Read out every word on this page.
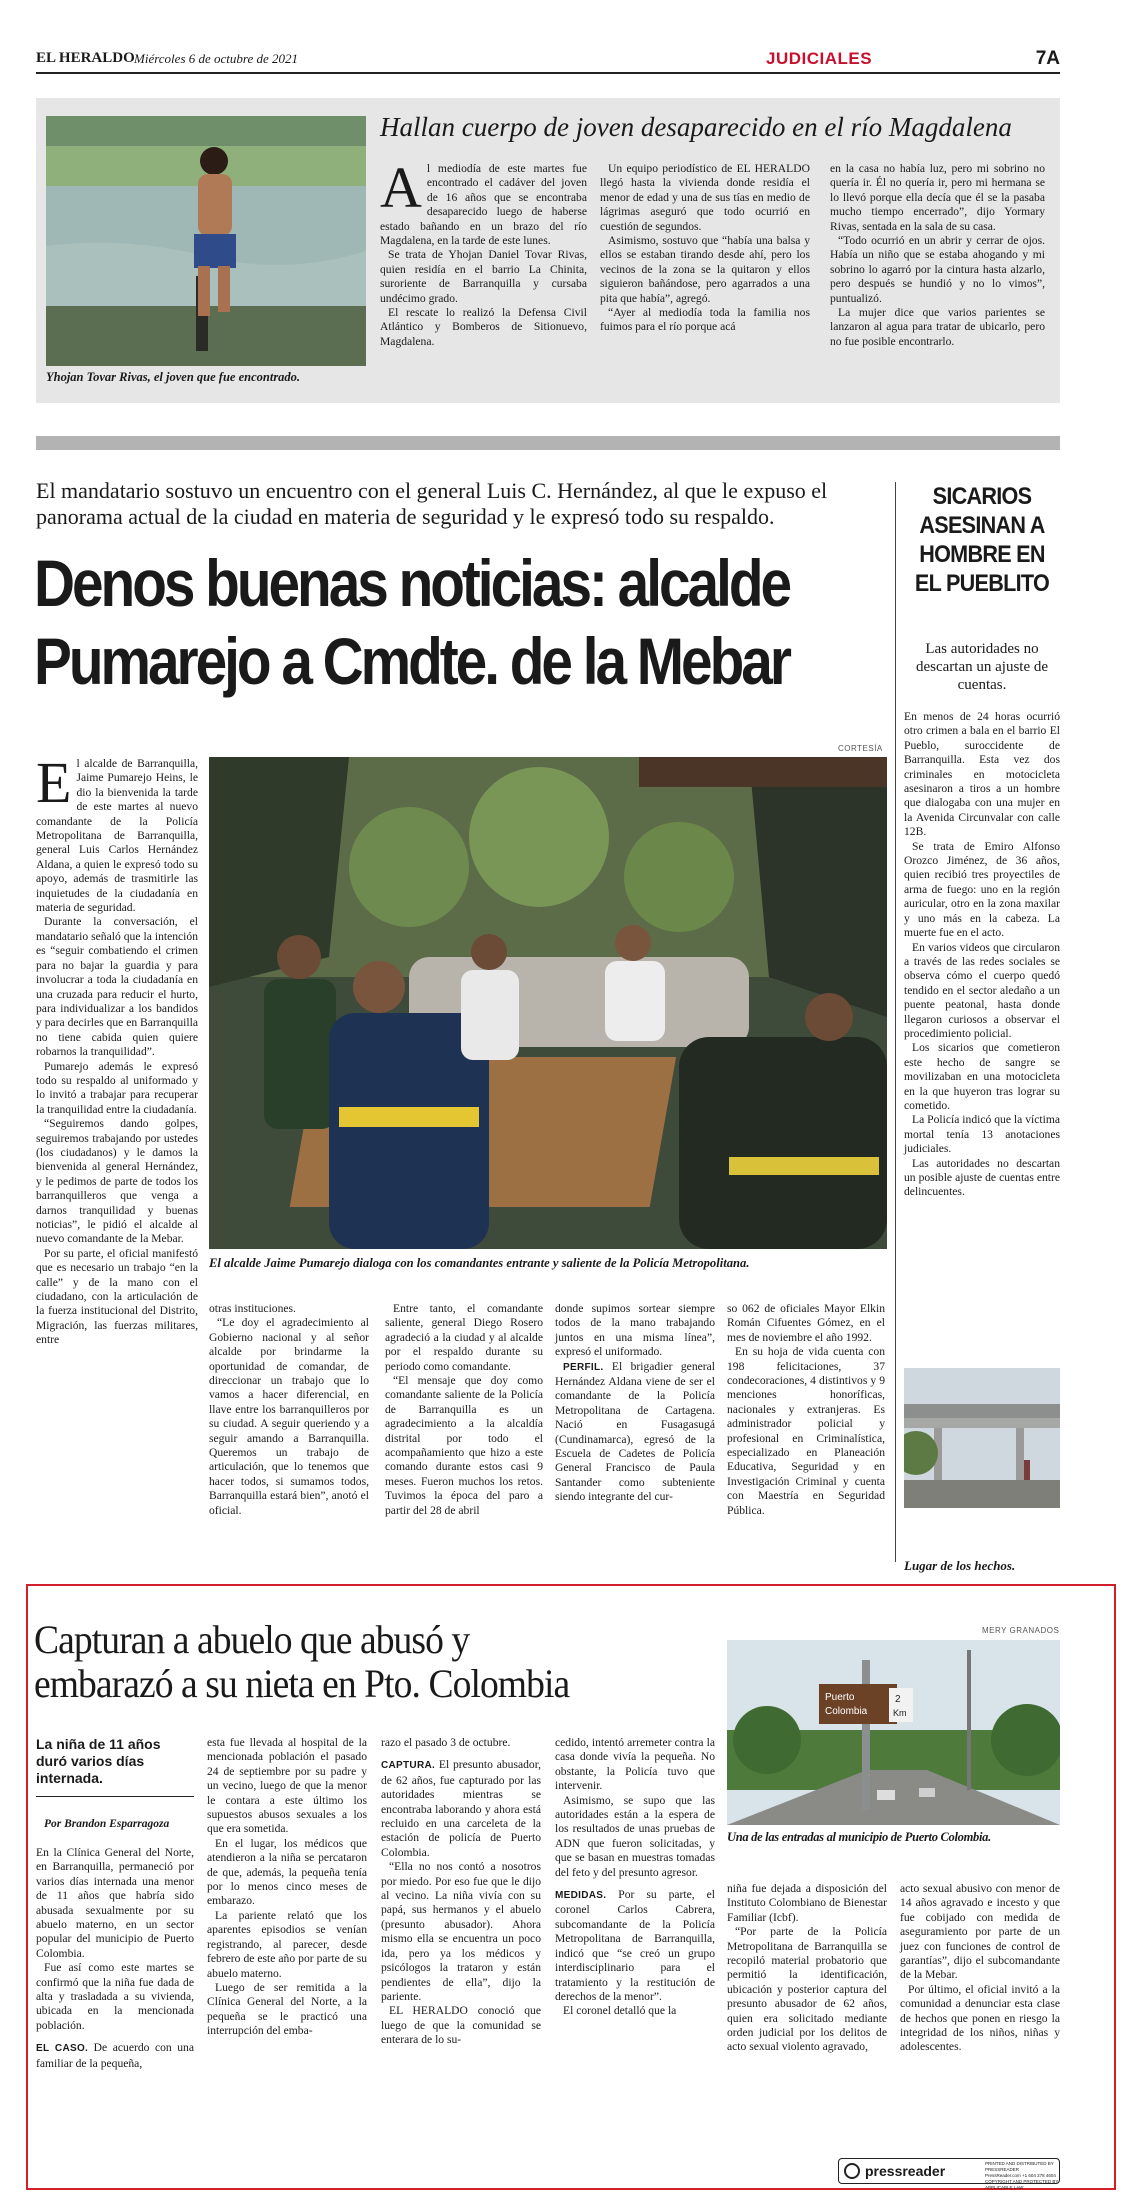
EL HERALDO Miércoles 6 de octubre de 2021	JUDICIALES	7A
Yhojan Tovar Rivas, el joven que fue encontrado.
Hallan cuerpo de joven desaparecido en el río Magdalena
A l mediodía de este martes fue encontrado el cadáver del joven de 16 años que se encontraba desaparecido luego de haberse estado bañando en un brazo del río Magdalena, en la tarde de este lunes.

Se trata de Yhojan Daniel Tovar Rivas, quien residía en el barrio La Chinita, suroriente de Barranquilla y cursaba undécimo grado.

El rescate lo realizó la Defensa Civil Atlántico y Bomberos de Sitionuevo, Magdalena.

Un equipo periodístico de EL HERALDO llegó hasta la vivienda donde residía el menor de edad y una de sus tías en medio de lágrimas aseguró que todo ocurrió en cuestión de segundos.

Asimismo, sostuvo que “había una balsa y ellos se estaban tirando desde ahí, pero los vecinos de la zona se la quitaron y ellos siguieron bañándose, pero agarrados a una pita que había”, agregó.

“Ayer al mediodía toda la familia nos fuimos para el río porque acá

en la casa no había luz, pero mi sobrino no quería ir. Él no quería ir, pero mi hermana se lo llevó porque ella decía que él se la pasaba mucho tiempo encerrado”, dijo Yormary Rivas, sentada en la sala de su casa.

“Todo ocurrió en un abrir y cerrar de ojos. Había un niño que se estaba ahogando y mi sobrino lo agarró por la cintura hasta alzarlo, pero después se hundió y no lo vimos”, puntualizó.

La mujer dice que varios parientes se lanzaron al agua para tratar de ubicarlo, pero no fue posible encontrarlo.

El mandatario sostuvo un encuentro con el general Luis C. Hernández, al que le expuso el panorama actual de la ciudad en materia de seguridad y le expresó todo su respaldo.
Denos buenas noticias: alcalde
Pumarejo a Cmdte. de la Mebar
CORTESÍA
El alcalde Jaime Pumarejo dialoga con los comandantes entrante y saliente de la Policía Metropolitana.
E l alcalde de Barranquilla, Jaime Pumarejo Heins, le dio la bienvenida la tarde de este martes al nuevo comandante de la Policía Metropolitana de Barranquilla, general Luis Carlos Hernández Aldana, a quien le expresó todo su apoyo, además de trasmitirle las inquietudes de la ciudadanía en materia de seguridad.

Durante la conversación, el mandatario señaló que la intención es “seguir combatiendo el crimen para no bajar la guardia y para involucrar a toda la ciudadanía en una cruzada para reducir el hurto, para individualizar a los bandidos y para decirles que en Barranquilla no tiene cabida quien quiere robarnos la tranquilidad”.

Pumarejo además le expresó todo su respaldo al uniformado y lo invitó a trabajar para recuperar la tranquilidad entre la ciudadanía.

“Seguiremos dando golpes, seguiremos trabajando por ustedes (los ciudadanos) y le damos la bienvenida al general Hernández, y le pedimos de parte de todos los barranquilleros que venga a darnos tranquilidad y buenas noticias”, le pidió el alcalde al nuevo comandante de la Mebar.

Por su parte, el oficial manifestó que es necesario un trabajo “en la calle” y de la mano con el ciudadano, con la articulación de la fuerza institucional del Distrito, Migración, las fuerzas militares, entre

otras instituciones.

“Le doy el agradecimiento al Gobierno nacional y al señor alcalde por brindarme la oportunidad de comandar, de direccionar un trabajo que lo vamos a hacer diferencial, en llave entre los barranquilleros por su ciudad. A seguir queriendo y a seguir amando a Barranquilla. Queremos un trabajo de articulación, que lo tenemos que hacer todos, si sumamos todos, Barranquilla estará bien”, anotó el oficial.

Entre tanto, el comandante saliente, general Diego Rosero agradeció a la ciudad y al alcalde por el respaldo durante su periodo como comandante.

“El mensaje que doy como comandante saliente de la Policía de Barranquilla es un agradecimiento a la alcaldía distrital por todo el acompañamiento que hizo a este comando durante estos casi 9 meses. Fueron muchos los retos. Tuvimos la época del paro a partir del 28 de abril

donde supimos sortear siempre todos de la mano trabajando juntos en una misma línea”, expresó el uniformado.

PERFIL. El brigadier general Hernández Aldana viene de ser el comandante de la Policía Metropolitana de Cartagena. Nació en Fusagasugá (Cundinamarca), egresó de la Escuela de Cadetes de Policía General Francisco de Paula Santander como subteniente siendo integrante del cur-

so 062 de oficiales Mayor Elkin Román Cifuentes Gómez, en el mes de noviembre el año 1992.

En su hoja de vida cuenta con 198 felicitaciones, 37 condecoraciones, 4 distintivos y 9 menciones honoríficas, nacionales y extranjeras. Es administrador policial y profesional en Criminalística, especializado en Planeación Educativa, Seguridad y en Investigación Criminal y cuenta con Maestría en Seguridad Pública.

SICARIOS ASESINAN A HOMBRE EN EL PUEBLITO
Las autoridades no descartan un ajuste de cuentas.

En menos de 24 horas ocurrió otro crimen a bala en el barrio El Pueblo, suroccidente de Barranquilla. Esta vez dos criminales en motocicleta asesinaron a tiros a un hombre que dialogaba con una mujer en la Avenida Circunvalar con calle 12B.

Se trata de Emiro Alfonso Orozco Jiménez, de 36 años, quien recibió tres proyectiles de arma de fuego: uno en la región auricular, otro en la zona maxilar y uno más en la cabeza. La muerte fue en el acto.

En varios videos que circularon a través de las redes sociales se observa cómo el cuerpo quedó tendido en el sector aledaño a un puente peatonal, hasta donde llegaron curiosos a observar el procedimiento policial.

Los sicarios que cometieron este hecho de sangre se movilizaban en una motocicleta en la que huyeron tras lograr su cometido.

La Policía indicó que la víctima mortal tenía 13 anotaciones judiciales.

Las autoridades no descartan un posible ajuste de cuentas entre delincuentes.

Lugar de los hechos.
MERY GRANADOS
Capturan a abuelo que abusó y
embarazó a su nieta en Pto. Colombia	Puerto
Colombia
2
Km
Una de las entradas al municipio de Puerto Colombia.
La niña de 11 años duró varios días internada.
Por Brandon Esparragoza

En la Clínica General del Norte, en Barranquilla, permaneció por varios días internada una menor de 11 años que habría sido abusada sexualmente por su abuelo materno, en un sector popular del municipio de Puerto Colombia.

Fue así como este martes se confirmó que la niña fue dada de alta y trasladada a su vivienda, ubicada en la mencionada población.

EL CASO. De acuerdo con una familiar de la pequeña,

esta fue llevada al hospital de la mencionada población el pasado 24 de septiembre por su padre y un vecino, luego de que la menor le contara a este último los supuestos abusos sexuales a los que era sometida.

En el lugar, los médicos que atendieron a la niña se percataron de que, además, la pequeña tenía por lo menos cinco meses de embarazo.

La pariente relató que los aparentes episodios se venían registrando, al parecer, desde febrero de este año por parte de su abuelo materno.

Luego de ser remitida a la Clínica General del Norte, a la pequeña se le practicó una interrupción del emba-

razo el pasado 3 de octubre.

CAPTURA. El presunto abusador, de 62 años, fue capturado por las autoridades mientras se encontraba laborando y ahora está recluido en una carceleta de la estación de policía de Puerto Colombia.

“Ella no nos contó a nosotros por miedo. Por eso fue que le dijo al vecino. La niña vivía con su papá, sus hermanos y el abuelo (presunto abusador). Ahora mismo ella se encuentra un poco ida, pero ya los médicos y psicólogos la trataron y están pendientes de ella”, dijo la pariente.

EL HERALDO conoció que luego de que la comunidad se enterara de lo su-

cedido, intentó arremeter contra la casa donde vivía la pequeña. No obstante, la Policía tuvo que intervenir.

Asimismo, se supo que las autoridades están a la espera de los resultados de unas pruebas de ADN que fueron solicitadas, y que se basan en muestras tomadas del feto y del presunto agresor.

MEDIDAS. Por su parte, el coronel Carlos Cabrera, subcomandante de la Policía Metropolitana de Barranquilla, indicó que “se creó un grupo interdisciplinario para el tratamiento y la restitución de derechos de la menor”.

El coronel detalló que la

niña fue dejada a disposición del Instituto Colombiano de Bienestar Familiar (Icbf).

“Por parte de la Policía Metropolitana de Barranquilla se recopiló material probatorio que permitió la identificación, ubicación y posterior captura del presunto abusador de 62 años, quien era solicitado mediante orden judicial por los delitos de acto sexual violento agravado,

acto sexual abusivo con menor de 14 años agravado e incesto y que fue cobijado con medida de aseguramiento por parte de un juez con funciones de control de garantías”, dijo el subcomandante de la Mebar.

Por último, el oficial invitó a la comunidad a denunciar esta clase de hechos que ponen en riesgo la integridad de los niños, niñas y adolescentes.

pressreader	PRINTED AND DISTRIBUTED BY PRESSREADER
PressReader.com +1 604 278 4604
COPYRIGHT AND PROTECTED BY APPLICABLE LAW
